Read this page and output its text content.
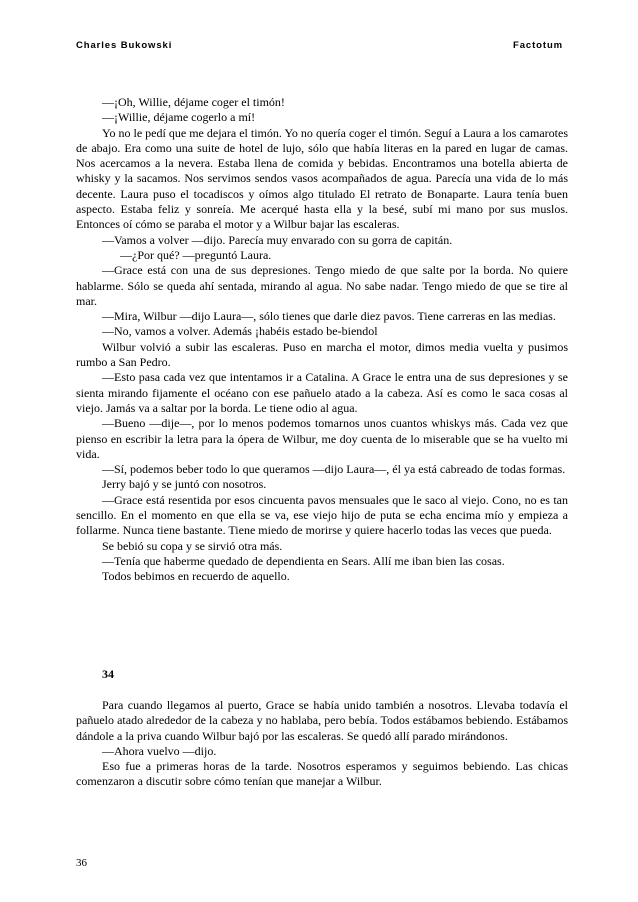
Charles Bukowski	Factotum

—¡Oh, Willie, déjame coger el timón!

—¡Willie, déjame cogerlo a mí!

Yo no le pedí que me dejara el timón. Yo no quería coger el timón. Seguí a Laura a los camarotes de abajo. Era como una suite de hotel de lujo, sólo que había literas en la pared en lugar de camas. Nos acercamos a la nevera. Estaba llena de comida y bebidas. Encontramos una botella abierta de whisky y la sacamos. Nos servimos sendos vasos acompañados de agua. Parecía una vida de lo más decente. Laura puso el tocadiscos y oímos algo titulado El retrato de Bonaparte. Laura tenía buen aspecto. Estaba feliz y sonreía. Me acerqué hasta ella y la besé, subí mi mano por sus muslos. Entonces oí cómo se paraba el motor y a Wilbur bajar las escaleras.

—Vamos a volver —dijo. Parecía muy envarado con su gorra de capitán.

—¿Por qué? —preguntó Laura.

—Grace está con una de sus depresiones. Tengo miedo de que salte por la borda. No quiere hablarme. Sólo se queda ahí sentada, mirando al agua. No sabe nadar. Tengo miedo de que se tire al mar.

—Mira, Wilbur —dijo Laura—, sólo tienes que darle diez pavos. Tiene carreras en las medias.

—No, vamos a volver. Además ¡habéis estado be-biendol

Wilbur volvió a subir las escaleras. Puso en marcha el motor, dimos media vuelta y pusimos rumbo a San Pedro.

—Esto pasa cada vez que intentamos ir a Catalina. A Grace le entra una de sus depresiones y se sienta mirando fijamente el océano con ese pañuelo atado a la cabeza. Así es como le saca cosas al viejo. Jamás va a saltar por la borda. Le tiene odio al agua.

—Bueno —dije—, por lo menos podemos tomarnos unos cuantos whiskys más. Cada vez que pienso en escribir la letra para la ópera de Wilbur, me doy cuenta de lo miserable que se ha vuelto mi vida.

—Sí, podemos beber todo lo que queramos —dijo Laura—, él ya está cabreado de todas formas.

Jerry bajó y se juntó con nosotros.

—Grace está resentida por esos cincuenta pavos mensuales que le saco al viejo. Cono, no es tan sencillo. En el momento en que ella se va, ese viejo hijo de puta se echa encima mío y empieza a follarme. Nunca tiene bastante. Tiene miedo de morirse y quiere hacerlo todas las veces que pueda.

Se bebió su copa y se sirvió otra más.

—Tenía que haberme quedado de dependienta en Sears. Allí me iban bien las cosas.

Todos bebimos en recuerdo de aquello.

34

Para cuando llegamos al puerto, Grace se había unido también a nosotros. Llevaba todavía el pañuelo atado alrededor de la cabeza y no hablaba, pero bebía. Todos estábamos bebiendo. Estábamos dándole a la priva cuando Wilbur bajó por las escaleras. Se quedó allí parado mirándonos.

—Ahora vuelvo —dijo.

Eso fue a primeras horas de la tarde. Nosotros esperamos y seguimos bebiendo. Las chicas comenzaron a discutir sobre cómo tenían que manejar a Wilbur.

36
